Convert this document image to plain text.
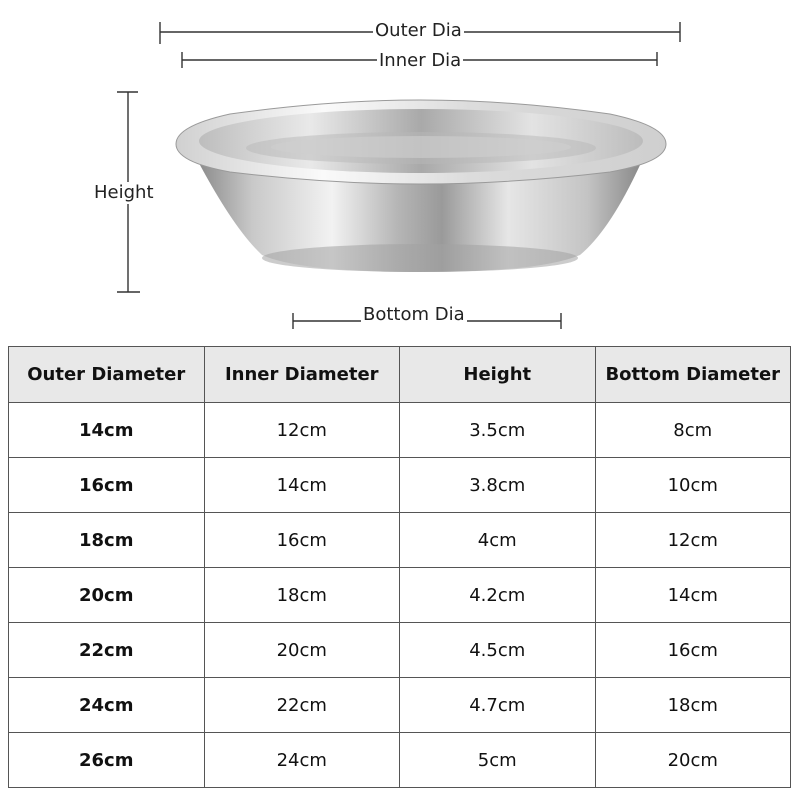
Outer Dia
Inner Dia
Height
Bottom Dia
Outer Diameter	Inner Diameter	Height	Bottom Diameter
14cm	12cm	3.5cm	8cm
16cm	14cm	3.8cm	10cm
18cm	16cm	4cm	12cm
20cm	18cm	4.2cm	14cm
22cm	20cm	4.5cm	16cm
24cm	22cm	4.7cm	18cm
26cm	24cm	5cm	20cm
